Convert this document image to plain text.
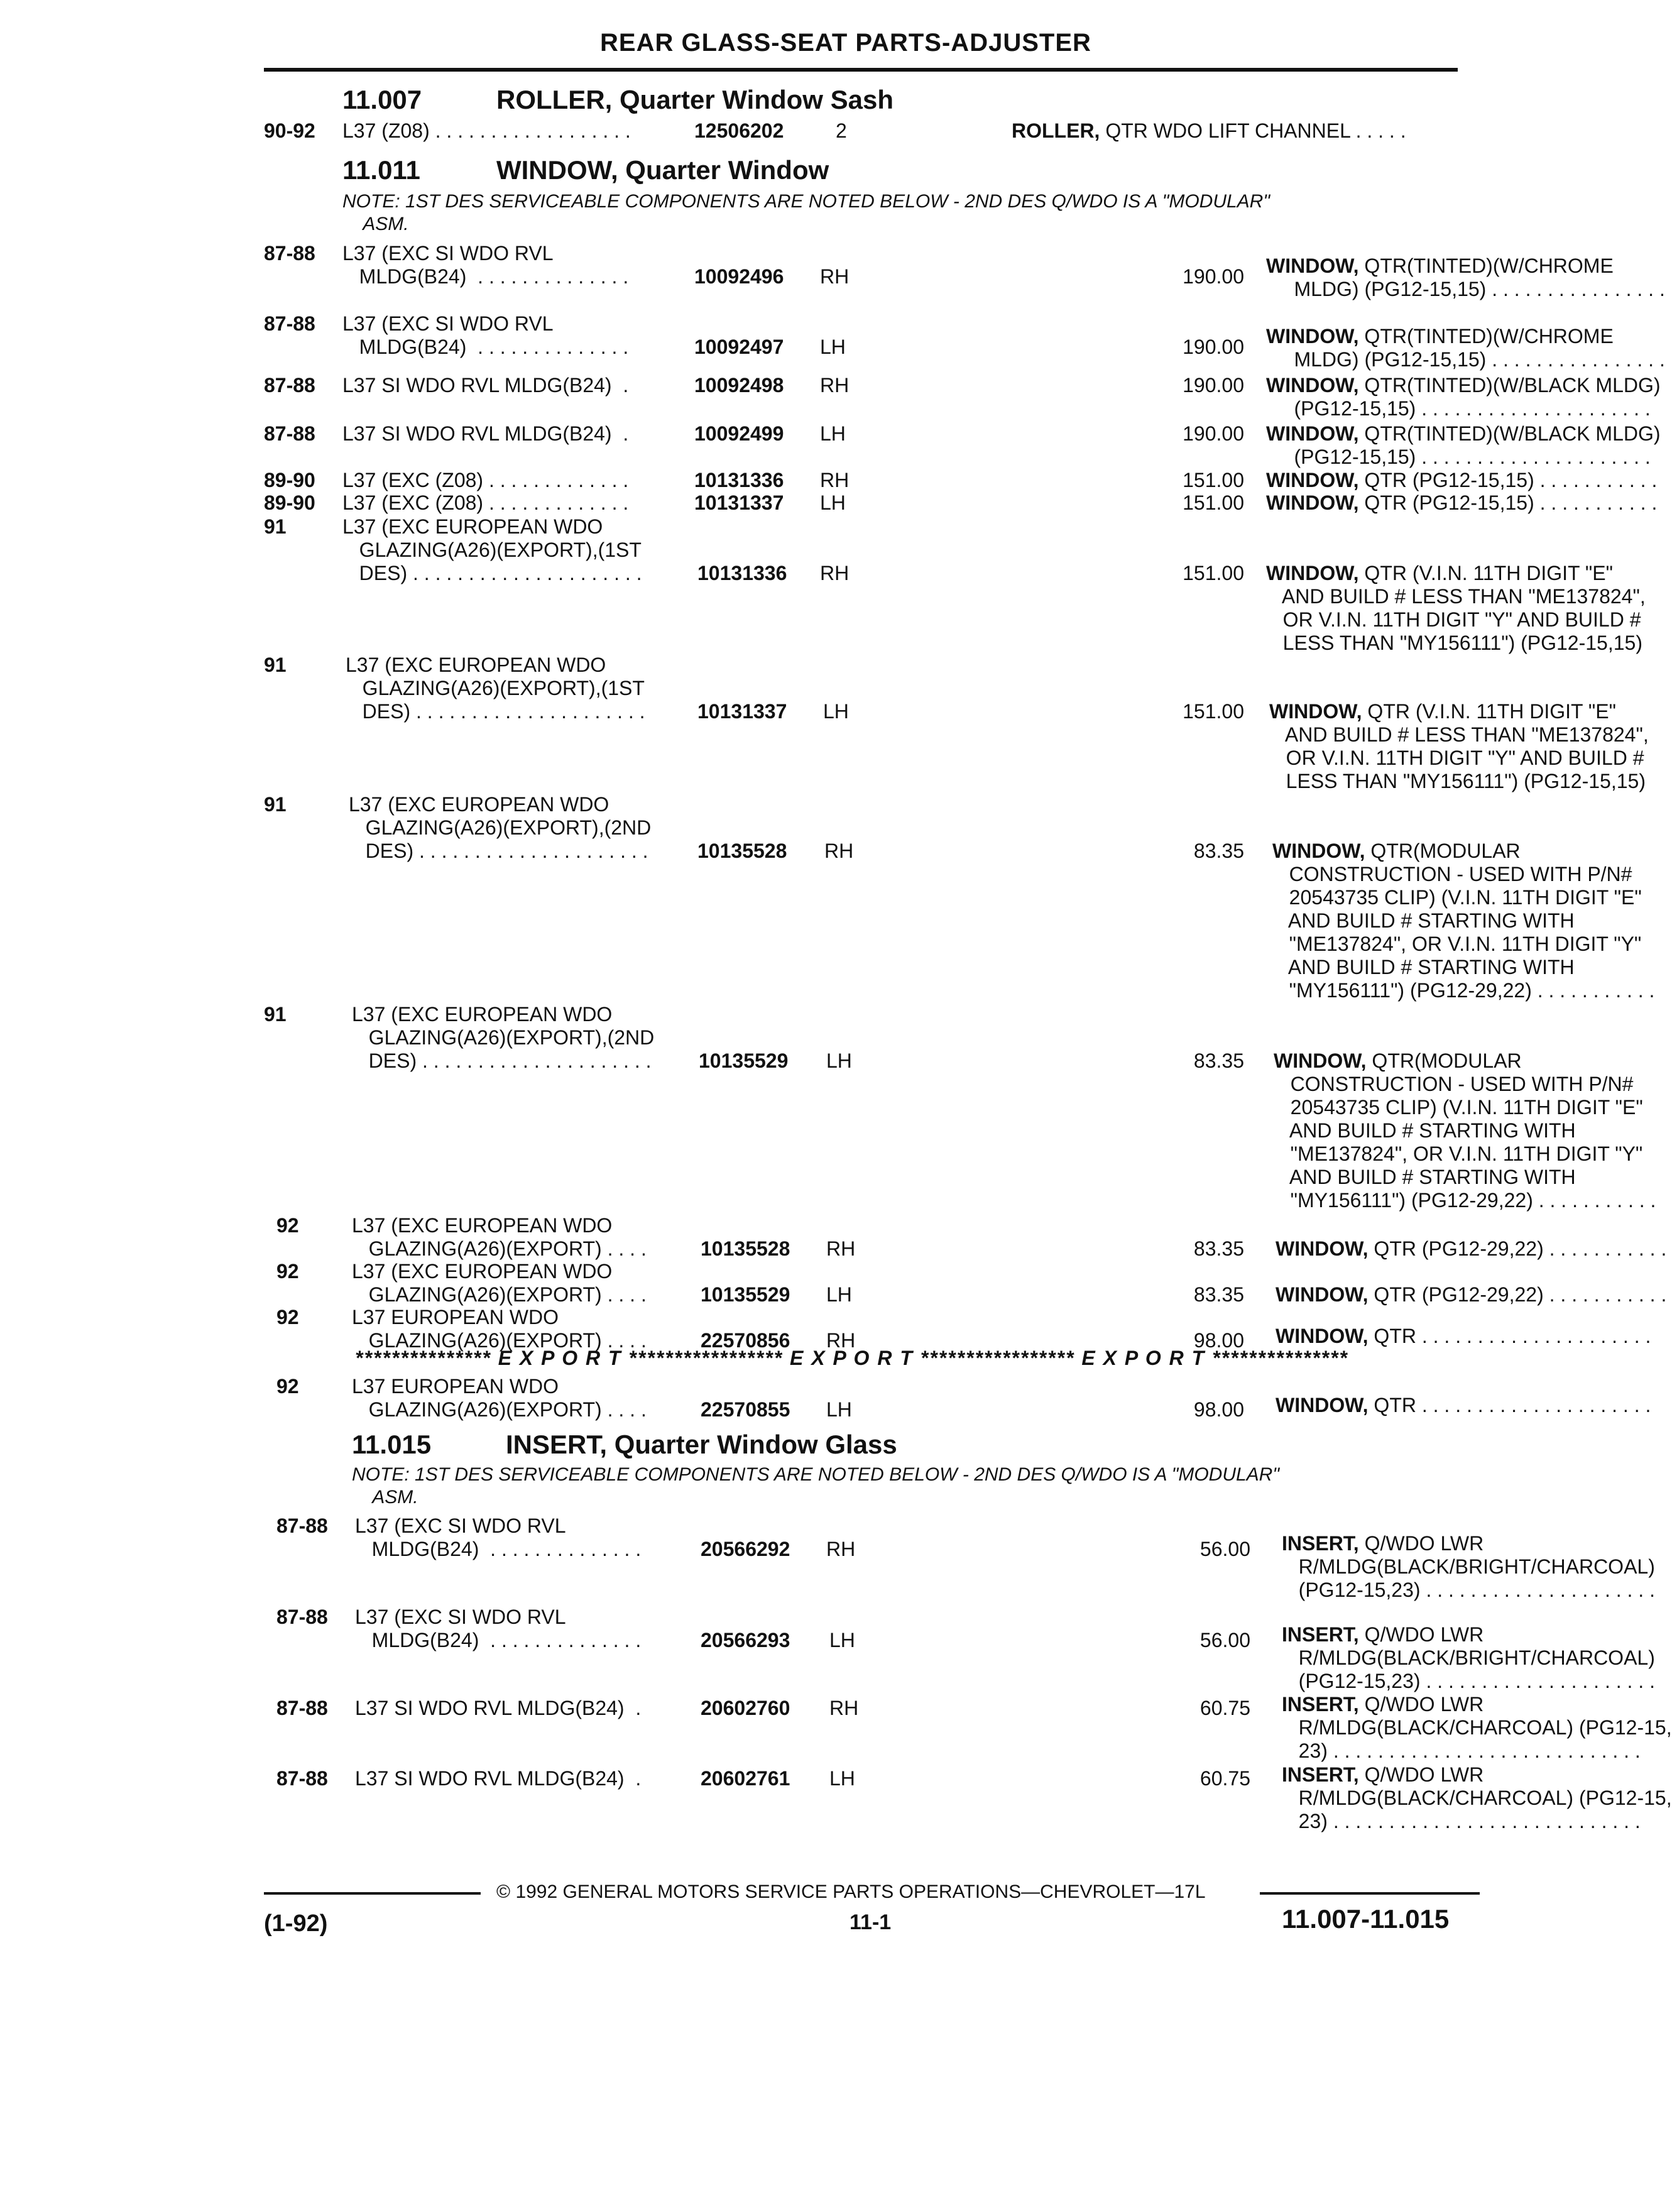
REAR GLASS-SEAT PARTS-ADJUSTER
11.007	ROLLER, Quarter Window Sash
90-92 L37 (Z08) . . . . . . . . . . . . . . . . . .	12506202	2	ROLLER, QTR WDO LIFT CHANNEL . . . . .
11.011	WINDOW, Quarter Window
NOTE: 1ST DES SERVICEABLE COMPONENTS ARE NOTED BELOW - 2ND DES Q/WDO IS A "MODULAR"
ASM.
87-88 L37 (EXC SI WDO RVL
MLDG(B24)  . . . . . . . . . . . . . .	10092496 RH	190.00 WINDOW, QTR(TINTED)(W/CHROME
MLDG) (PG12-15,15) . . . . . . . . . . . . . . . .
87-88 L37 (EXC SI WDO RVL
MLDG(B24)  . . . . . . . . . . . . . .	10092497 LH	190.00 WINDOW, QTR(TINTED)(W/CHROME
MLDG) (PG12-15,15) . . . . . . . . . . . . . . . .
87-88 L37 SI WDO RVL MLDG(B24)  .	10092498 RH	190.00 WINDOW, QTR(TINTED)(W/BLACK MLDG)
(PG12-15,15) . . . . . . . . . . . . . . . . . . . . .
87-88 L37 SI WDO RVL MLDG(B24)  .	10092499 LH	190.00 WINDOW, QTR(TINTED)(W/BLACK MLDG)
(PG12-15,15) . . . . . . . . . . . . . . . . . . . . .
89-90 L37 (EXC (Z08) . . . . . . . . . . . . .	10131336 RH	151.00 WINDOW, QTR (PG12-15,15) . . . . . . . . . . .
89-90 L37 (EXC (Z08) . . . . . . . . . . . . .	10131337 LH	151.00 WINDOW, QTR (PG12-15,15) . . . . . . . . . . .
91	L37 (EXC EUROPEAN WDO
GLAZING(A26)(EXPORT),(1ST
DES) . . . . . . . . . . . . . . . . . . . . .	10131336 RH	151.00 WINDOW, QTR (V.I.N. 11TH DIGIT "E"
AND BUILD # LESS THAN "ME137824",
OR V.I.N. 11TH DIGIT "Y" AND BUILD #
LESS THAN "MY156111") (PG12-15,15)
91	L37 (EXC EUROPEAN WDO
GLAZING(A26)(EXPORT),(1ST
DES) . . . . . . . . . . . . . . . . . . . . .	10131337 LH	151.00 WINDOW, QTR (V.I.N. 11TH DIGIT "E"
AND BUILD # LESS THAN "ME137824",
OR V.I.N. 11TH DIGIT "Y" AND BUILD #
LESS THAN "MY156111") (PG12-15,15)
91	L37 (EXC EUROPEAN WDO
GLAZING(A26)(EXPORT),(2ND
DES) . . . . . . . . . . . . . . . . . . . . . 10135528 RH	83.35 WINDOW, QTR(MODULAR
CONSTRUCTION - USED WITH P/N#
20543735 CLIP) (V.I.N. 11TH DIGIT "E"
AND BUILD # STARTING WITH
"ME137824", OR V.I.N. 11TH DIGIT "Y"
AND BUILD # STARTING WITH
"MY156111") (PG12-29,22) . . . . . . . . . . .
91	L37 (EXC EUROPEAN WDO
GLAZING(A26)(EXPORT),(2ND
DES) . . . . . . . . . . . . . . . . . . . . . 10135529 LH	83.35 WINDOW, QTR(MODULAR
CONSTRUCTION - USED WITH P/N#
20543735 CLIP) (V.I.N. 11TH DIGIT "E"
AND BUILD # STARTING WITH
"ME137824", OR V.I.N. 11TH DIGIT "Y"
AND BUILD # STARTING WITH
"MY156111") (PG12-29,22) . . . . . . . . . . .
92	L37 (EXC EUROPEAN WDO
GLAZING(A26)(EXPORT) . . . .	10135528 RH	83.35 WINDOW, QTR (PG12-29,22) . . . . . . . . . . .
92	L37 (EXC EUROPEAN WDO
GLAZING(A26)(EXPORT) . . . .	10135529 LH	83.35 WINDOW, QTR (PG12-29,22) . . . . . . . . . . .
92	L37 EUROPEAN WDO
GLAZING(A26)(EXPORT) . . . .	22570856 RH	98.00 WINDOW, QTR . . . . . . . . . . . . . . . . . . . . .
*************** E X P O R T ***************** E X P O R T ***************** E X P O R T ***************
92	L37 EUROPEAN WDO
GLAZING(A26)(EXPORT) . . . .	22570855 LH	98.00 WINDOW, QTR . . . . . . . . . . . . . . . . . . . . .
11.015	INSERT, Quarter Window Glass
NOTE: 1ST DES SERVICEABLE COMPONENTS ARE NOTED BELOW - 2ND DES Q/WDO IS A "MODULAR"
ASM.
87-88 L37 (EXC SI WDO RVL
MLDG(B24)  . . . . . . . . . . . . . .	20566292 RH	56.00 INSERT, Q/WDO LWR
R/MLDG(BLACK/BRIGHT/CHARCOAL)
(PG12-15,23) . . . . . . . . . . . . . . . . . . . . .
87-88 L37 (EXC SI WDO RVL
MLDG(B24)  . . . . . . . . . . . . . .	20566293 LH	56.00 INSERT, Q/WDO LWR
R/MLDG(BLACK/BRIGHT/CHARCOAL)
(PG12-15,23) . . . . . . . . . . . . . . . . . . . . .
87-88 L37 SI WDO RVL MLDG(B24)  .	20602760 RH	60.75 INSERT, Q/WDO LWR
R/MLDG(BLACK/CHARCOAL) (PG12-15,
23) . . . . . . . . . . . . . . . . . . . . . . . . . . . .
87-88 L37 SI WDO RVL MLDG(B24)  .	20602761 LH	60.75 INSERT, Q/WDO LWR
R/MLDG(BLACK/CHARCOAL) (PG12-15,
23) . . . . . . . . . . . . . . . . . . . . . . . . . . . .
© 1992 GENERAL MOTORS SERVICE PARTS OPERATIONS—CHEVROLET—17L
(1-92)	11-1	11.007-11.015
